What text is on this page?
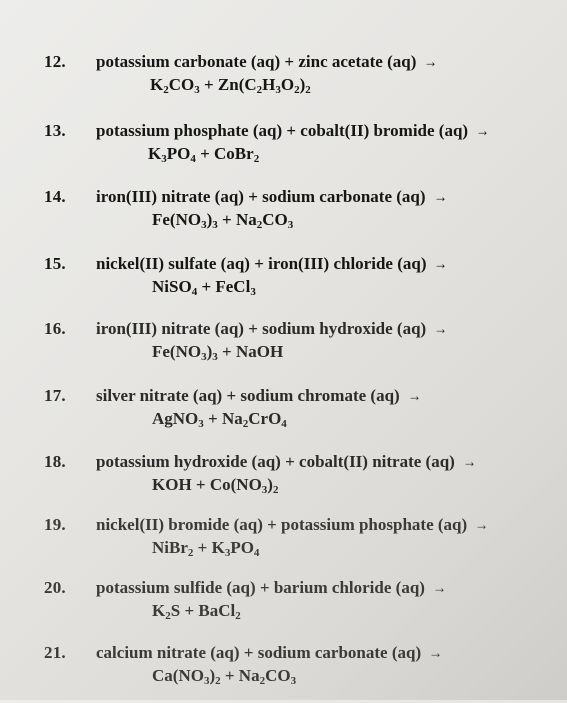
12.	potassium carbonate (aq) + zinc acetate (aq) →
$K_2CO_3 + Zn(C_2H_3O_2)_2$
13.	potassium phosphate (aq) + cobalt(II) bromide (aq) →
$K_3PO_4$ + CoBr$_2$
14.	iron(III) nitrate (aq) + sodium carbonate (aq) →
$Fe(NO_3)_3 + Na_2CO_3$
15.	nickel(II) sulfate (aq) + iron(III) chloride (aq) →
NiSO$_4$ + FeCl$_3$
16.	iron(III) nitrate (aq) + sodium hydroxide (aq) →
$Fe(NO_3)_3$ + NaOH
17.	silver nitrate (aq) + sodium chromate (aq) →
AgNO$_3$ + $Na_2CrO_4$
18.	potassium hydroxide (aq) + cobalt(II) nitrate (aq) →
KOH + $Co(NO_3)_2$
19.	nickel(II) bromide (aq) + potassium phosphate (aq) →
NiBr$_2$ + $K_3PO_4$
20.	potassium sulfide (aq) + barium chloride (aq) →
$K_2S$ + BaCl$_2$
21.	calcium nitrate (aq) + sodium carbonate (aq) →
$Ca(NO_3)_2 + Na_2CO_3$
